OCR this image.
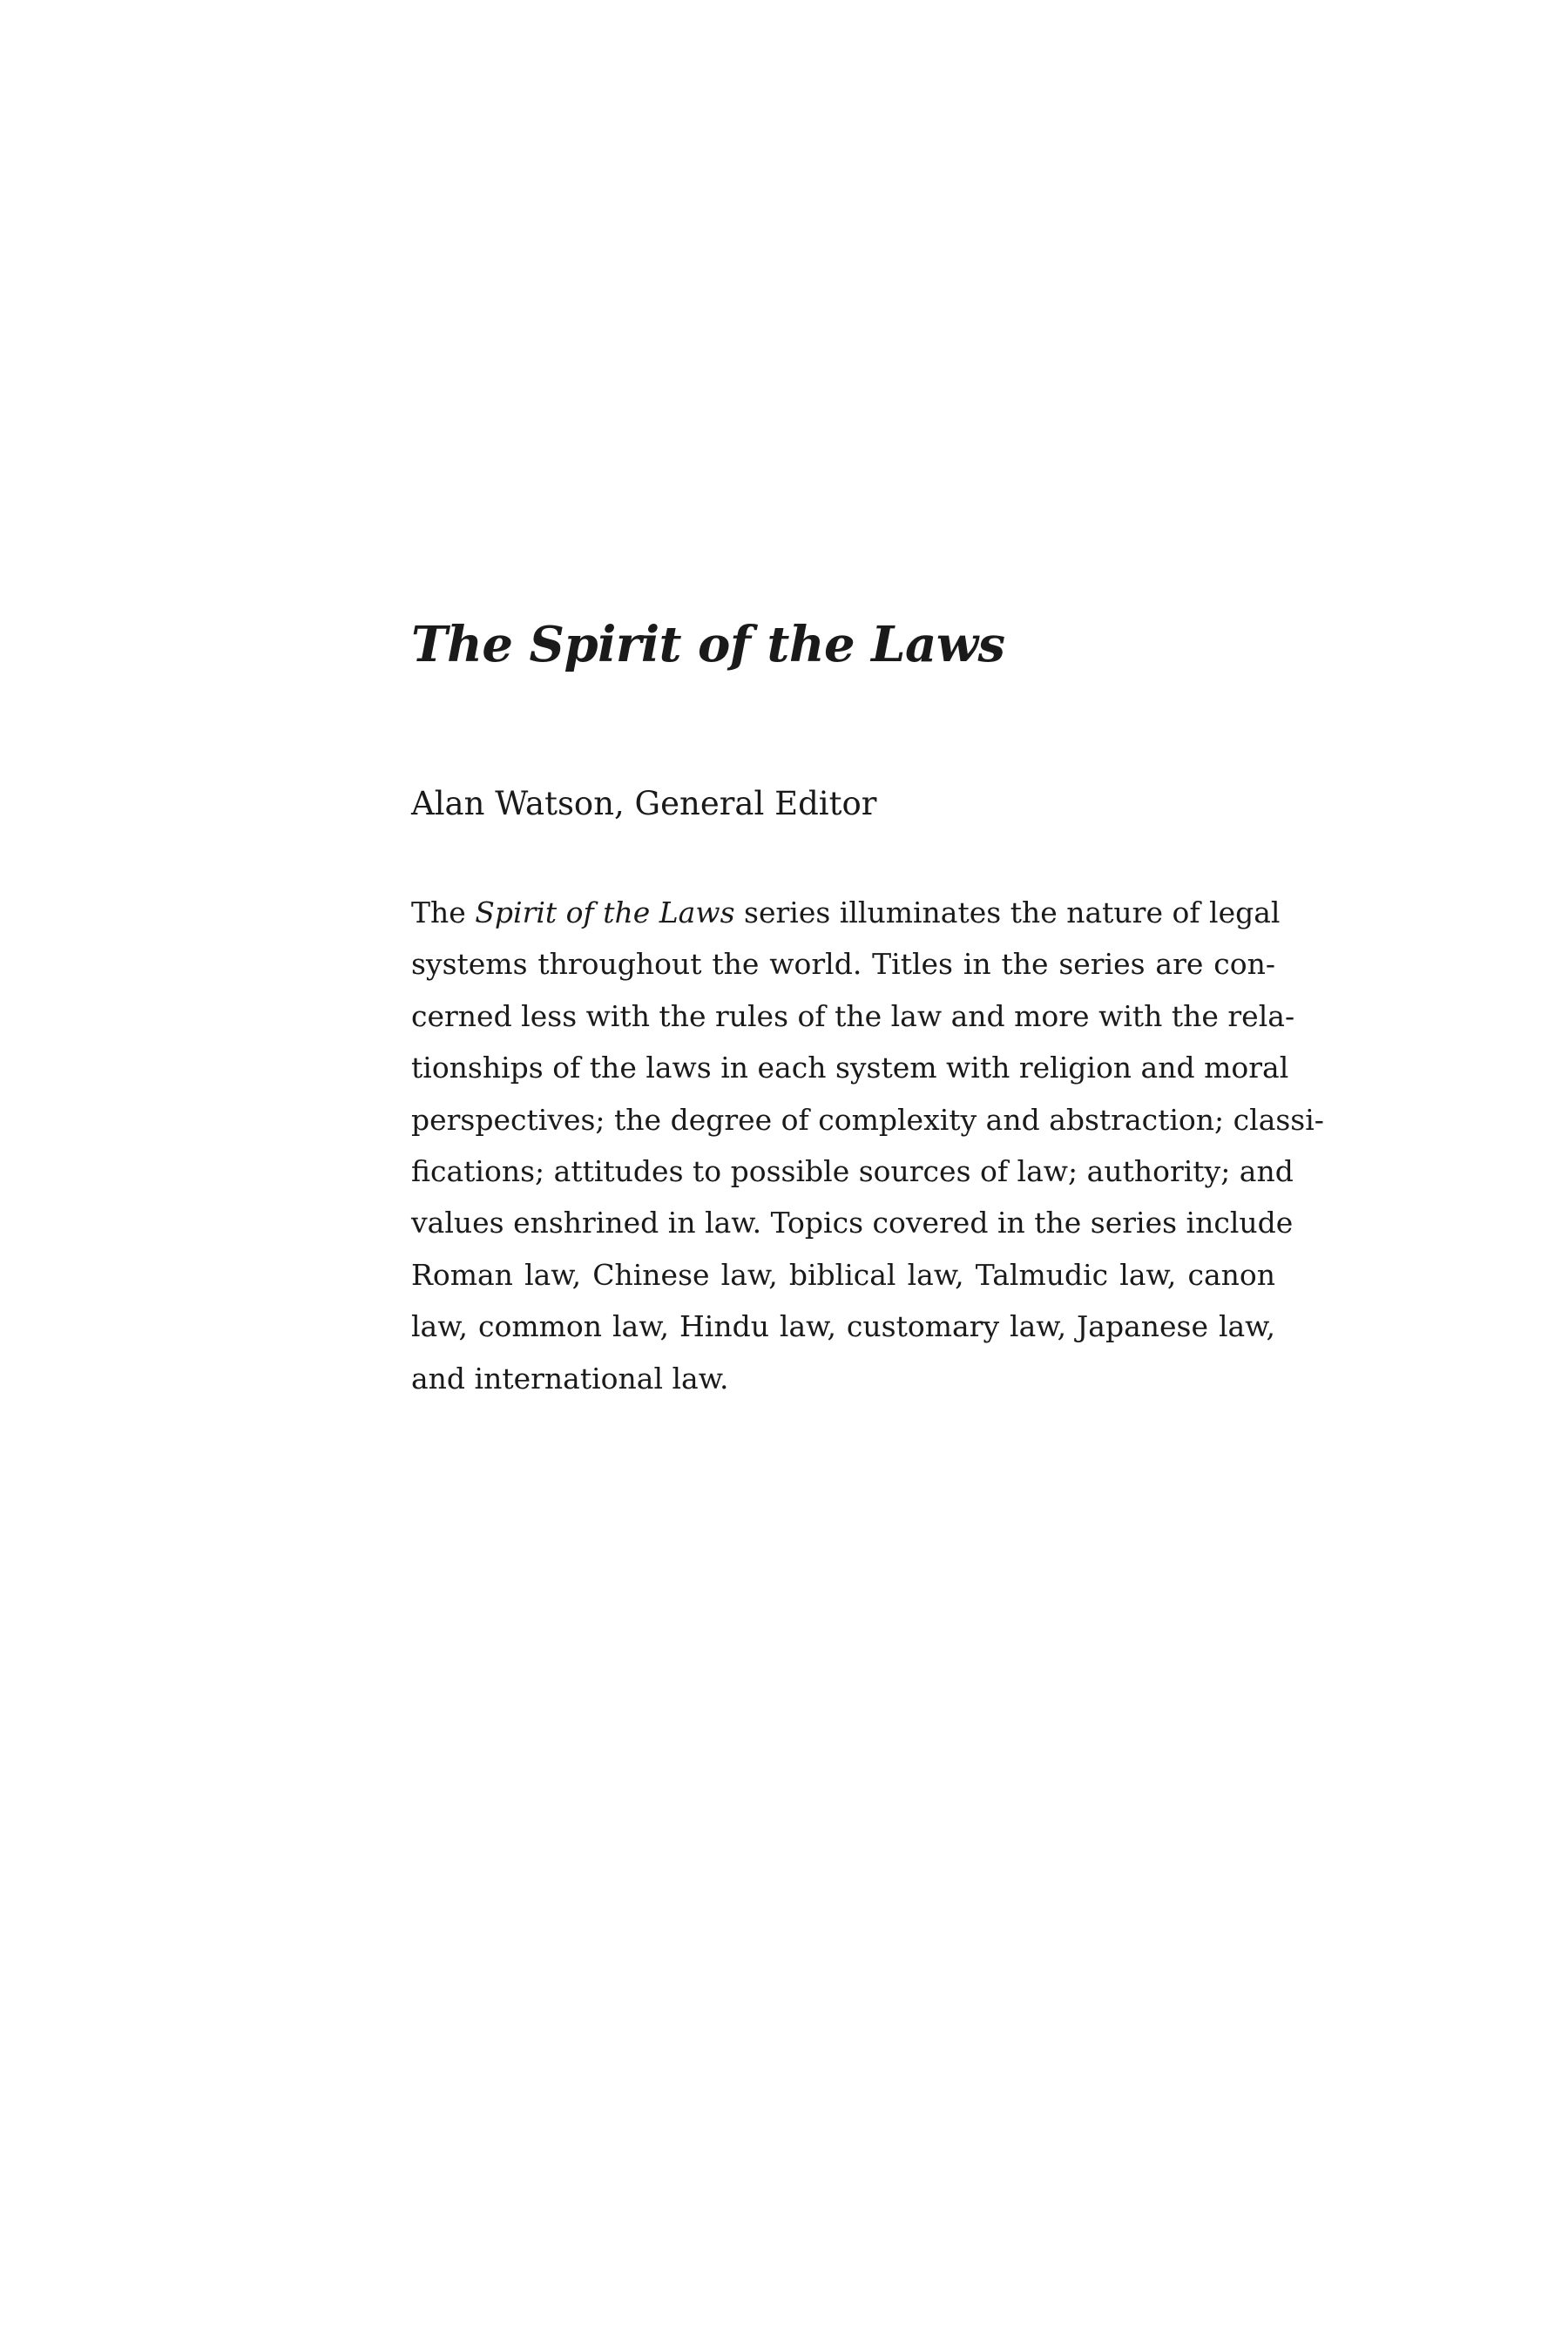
The Spirit of the Laws

Alan Watson, General Editor

The Spirit of the Laws series illuminates the nature of legal
systems throughout the world. Titles in the series are con-
cerned less with the rules of the law and more with the rela-
tionships of the laws in each system with religion and moral
perspectives; the degree of complexity and abstraction; classi-
fications; attitudes to possible sources of law; authority; and
values enshrined in law. Topics covered in the series include
Roman law, Chinese law, biblical law, Talmudic law, canon
law, common law, Hindu law, customary law, Japanese law,
and international law.
